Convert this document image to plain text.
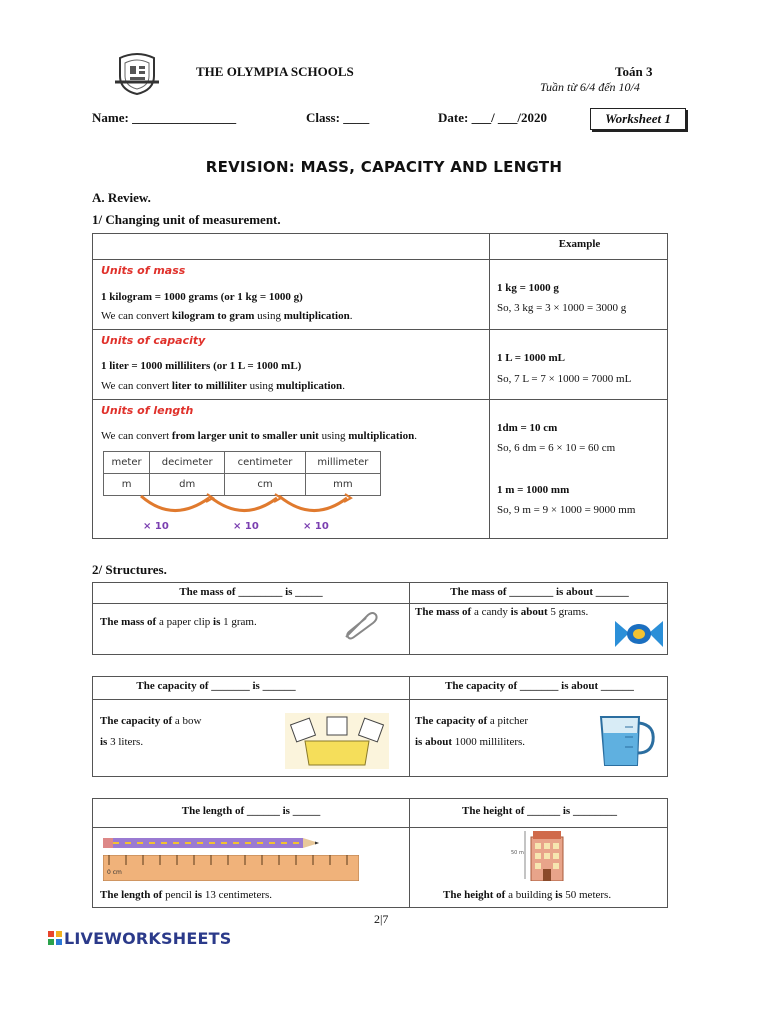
THE OLYMPIA SCHOOLS	Toán 3
Tuần từ 6/4 đến 10/4
Name: ________________	Class: ____	Date: ___/ ___/2020	Worksheet 1
REVISION: MASS, CAPACITY AND LENGTH
A. Review.
1/ Changing unit of measurement.
Example
Units of mass
1 kilogram = 1000 grams (or 1 kg = 1000 g)
We can convert kilogram to gram using multiplication.
1 kg = 1000 g
So, 3 kg = 3 × 1000 = 3000 g
Units of capacity
1 liter = 1000 milliliters (or 1 L = 1000 mL)
We can convert liter to milliliter using multiplication.
1 L = 1000 mL
So, 7 L = 7 × 1000 = 7000 mL
Units of length
We can convert from larger unit to smaller unit using multiplication.
meter	decimeter	centimeter	millimeter
m	dm	cm	mm
× 10	× 10	× 10
1dm = 10 cm
So, 6 dm = 6 × 10 = 60 cm
1 m = 1000 mm
So, 9 m = 9 × 1000 = 9000 mm
2/ Structures.
The mass of ________ is _____	The mass of ________ is about ______
The mass of a paper clip is 1 gram.
The mass of a candy is about 5 grams.
The capacity of _______ is ______	The capacity of _______ is about ______
The capacity of a bow
is 3 liters.
The capacity of a pitcher
is about 1000 milliliters.
The length of ______ is _____	The height of ______ is ________
0 cm
The length of pencil is 13 centimeters.
50 m
The height of a building is 50 meters.
2|7
LIVEWORKSHEETS
